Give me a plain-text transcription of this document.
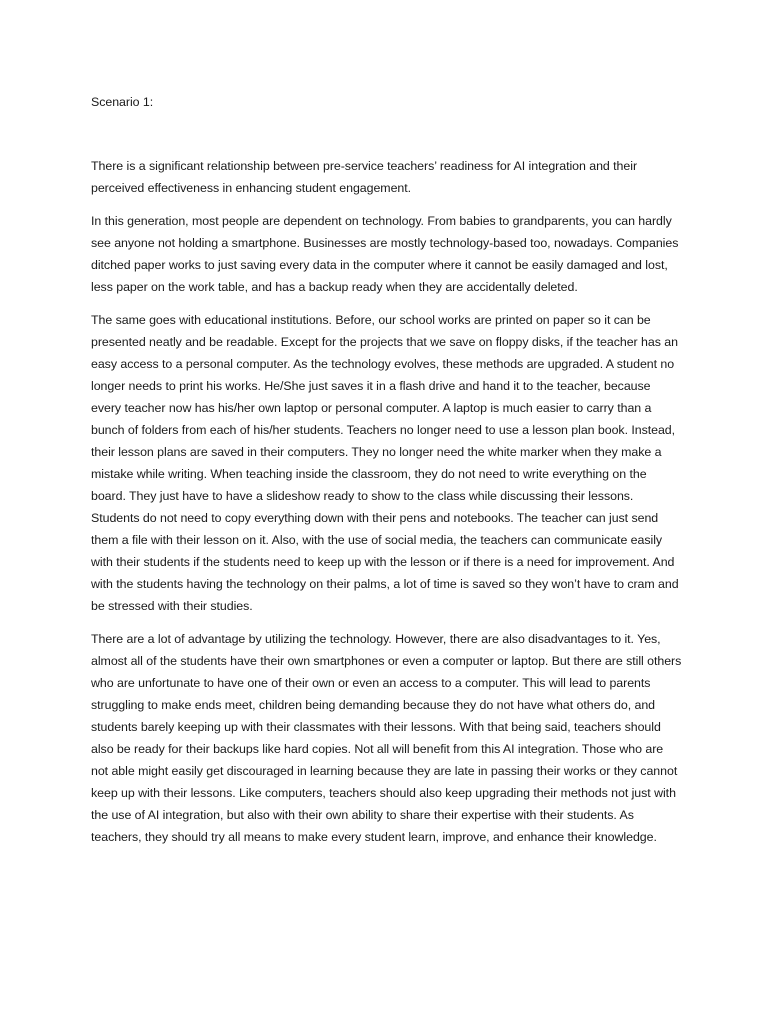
Scenario 1:

There is a significant relationship between pre-service teachers’ readiness for AI integration and their perceived effectiveness in enhancing student engagement.

In this generation, most people are dependent on technology. From babies to grandparents, you can hardly see anyone not holding a smartphone. Businesses are mostly technology-based too, nowadays. Companies ditched paper works to just saving every data in the computer where it cannot be easily damaged and lost, less paper on the work table, and has a backup ready when they are accidentally deleted.

The same goes with educational institutions. Before, our school works are printed on paper so it can be presented neatly and be readable. Except for the projects that we save on floppy disks, if the teacher has an easy access to a personal computer. As the technology evolves, these methods are upgraded. A student no longer needs to print his works. He/She just saves it in a flash drive and hand it to the teacher, because every teacher now has his/her own laptop or personal computer. A laptop is much easier to carry than a bunch of folders from each of his/her students. Teachers no longer need to use a lesson plan book. Instead, their lesson plans are saved in their computers. They no longer need the white marker when they make a mistake while writing. When teaching inside the classroom, they do not need to write everything on the board. They just have to have a slideshow ready to show to the class while discussing their lessons. Students do not need to copy everything down with their pens and notebooks. The teacher can just send them a file with their lesson on it. Also, with the use of social media, the teachers can communicate easily with their students if the students need to keep up with the lesson or if there is a need for improvement. And with the students having the technology on their palms, a lot of time is saved so they won’t have to cram and be stressed with their studies.

There are a lot of advantage by utilizing the technology. However, there are also disadvantages to it. Yes, almost all of the students have their own smartphones or even a computer or laptop. But there are still others who are unfortunate to have one of their own or even an access to a computer. This will lead to parents struggling to make ends meet, children being demanding because they do not have what others do, and students barely keeping up with their classmates with their lessons. With that being said, teachers should also be ready for their backups like hard copies. Not all will benefit from this AI integration. Those who are not able might easily get discouraged in learning because they are late in passing their works or they cannot keep up with their lessons. Like computers, teachers should also keep upgrading their methods not just with the use of AI integration, but also with their own ability to share their expertise with their students. As teachers, they should try all means to make every student learn, improve, and enhance their knowledge.
